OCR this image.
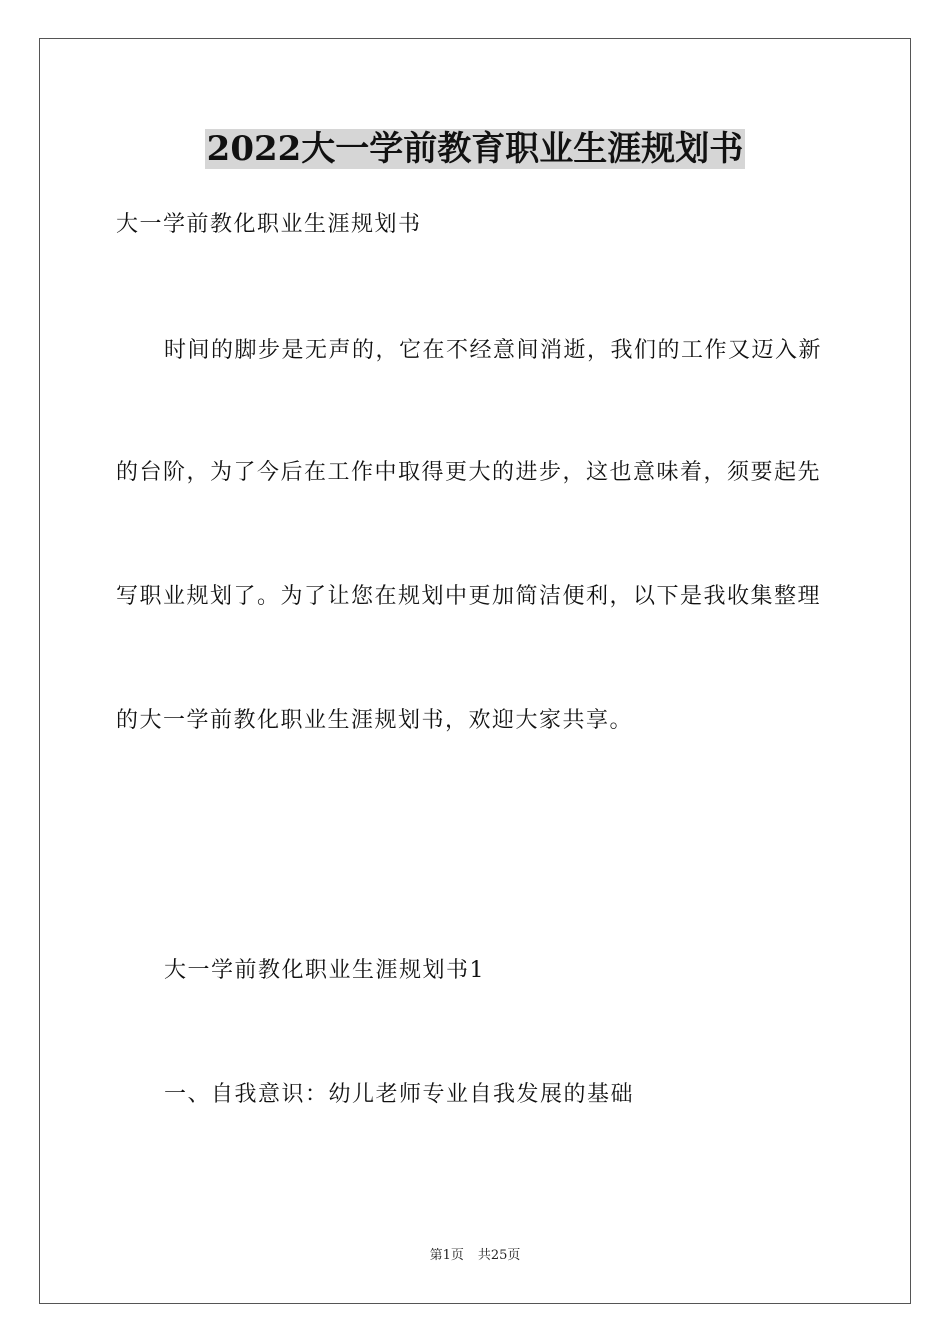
2022大一学前教育职业生涯规划书
大一学前教化职业生涯规划书
时间的脚步是无声的，它在不经意间消逝，我们的工作又迈入新
的台阶，为了今后在工作中取得更大的进步，这也意味着，须要起先
写职业规划了。为了让您在规划中更加简洁便利，以下是我收集整理
的大一学前教化职业生涯规划书，欢迎大家共享。
大一学前教化职业生涯规划书1
一、自我意识：幼儿老师专业自我发展的基础
第1页 共25页
